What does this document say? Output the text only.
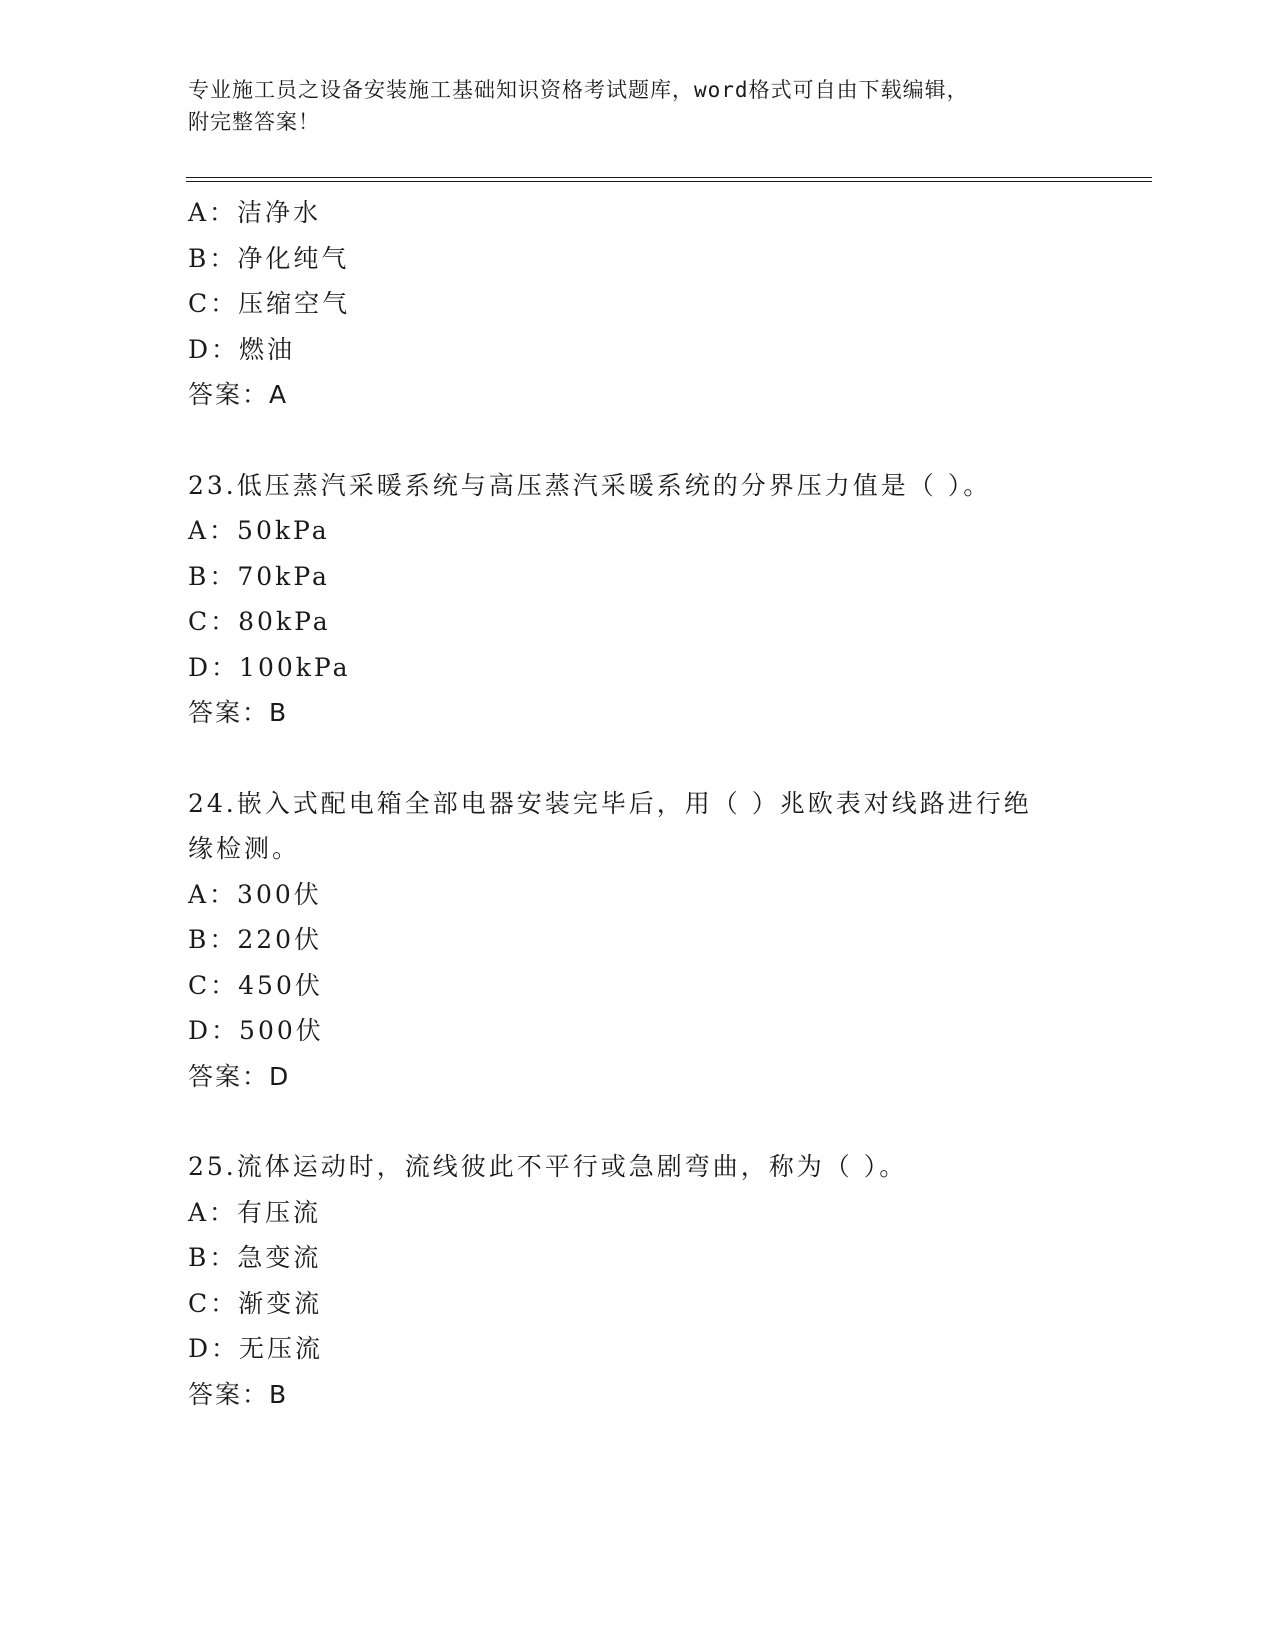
专业施工员之设备安装施工基础知识资格考试题库，word格式可自由下载编辑，
附完整答案！
A：洁净水
B：净化纯气
C：压缩空气
D：燃油
答案：A
23.低压蒸汽采暖系统与高压蒸汽采暖系统的分界压力值是（ ）。
A：50kPa
B：70kPa
C：80kPa
D：100kPa
答案：B
24.嵌入式配电箱全部电器安装完毕后，用（ ）兆欧表对线路进行绝
缘检测。
A：300伏
B：220伏
C：450伏
D：500伏
答案：D
25.流体运动时，流线彼此不平行或急剧弯曲，称为（ ）。
A：有压流
B：急变流
C：渐变流
D：无压流
答案：B
